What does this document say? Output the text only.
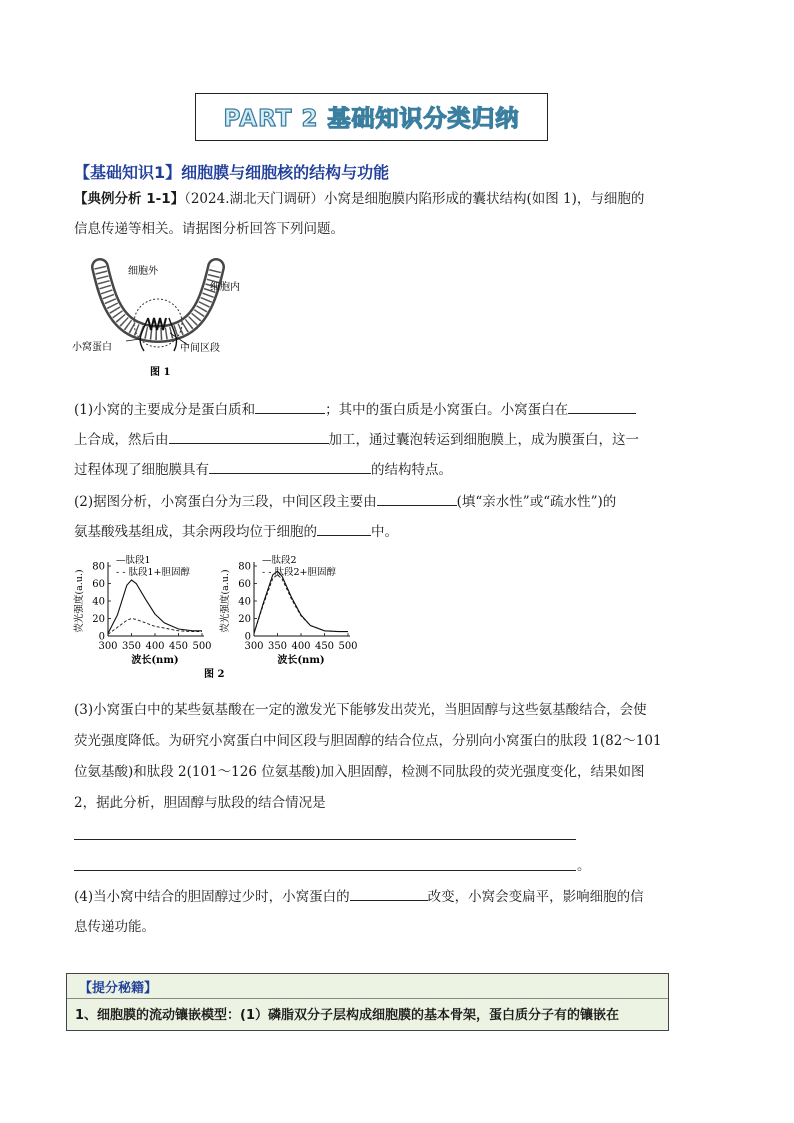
PART 2 基础知识分类归纳
【基础知识1】细胞膜与细胞核的结构与功能
【典例分析 1-1】（2024.湖北天门调研）小窝是细胞膜内陷形成的囊状结构(如图 1)，与细胞的
信息传递等相关。请据图分析回答下列问题。
细胞外
细胞内
小窝蛋白	中间区段
图 1
(1)小窝的主要成分是蛋白质和	；其中的蛋白质是小窝蛋白。小窝蛋白在
上合成，然后由	加工，通过囊泡转运到细胞膜上，成为膜蛋白，这一
过程体现了细胞膜具有	的结构特点。
(2)据图分析，小窝蛋白分为三段，中间区段主要由	(填“亲水性”或“疏水性”)的
氨基酸残基组成，其余两段均位于细胞的	中。
0
20
40
60
80
300 350 400 450 500
波长(nm)
荧光强度(a.u.)
—肽段1
- - 肽段1+胆固醇
0
20
40
60
80
300 350 400 450 500
波长(nm)
荧光强度(a.u.)
—肽段2
- - 肽段2+胆固醇
图 2
(3)小窝蛋白中的某些氨基酸在一定的激发光下能够发出荧光，当胆固醇与这些氨基酸结合，会使
荧光强度降低。为研究小窝蛋白中间区段与胆固醇的结合位点，分别向小窝蛋白的肽段 1(82～101
位氨基酸)和肽段 2(101～126 位氨基酸)加入胆固醇，检测不同肽段的荧光强度变化，结果如图
2，据此分析，胆固醇与肽段的结合情况是
。
(4)当小窝中结合的胆固醇过少时，小窝蛋白的	改变，小窝会变扁平，影响细胞的信
息传递功能。
【提分秘籍】
1、细胞膜的流动镶嵌模型：(1）磷脂双分子层构成细胞膜的基本骨架，蛋白质分子有的镶嵌在
